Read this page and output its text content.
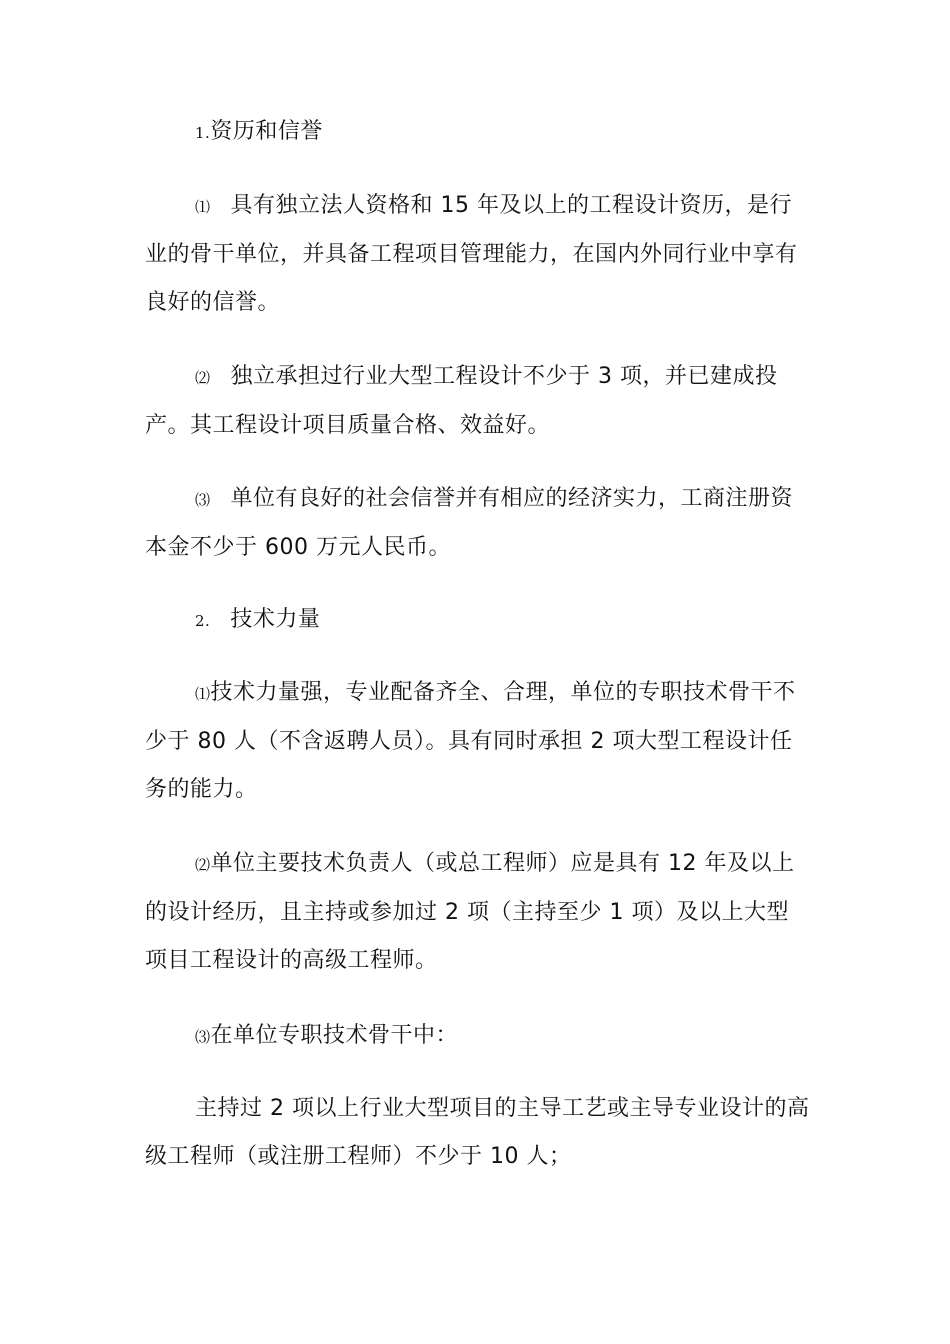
1.资历和信誉

⑴ 具有独立法人资格和 15 年及以上的工程设计资历，是行业的骨干单位，并具备工程项目管理能力，在国内外同行业中享有良好的信誉。

⑵ 独立承担过行业大型工程设计不少于 3 项，并已建成投产。其工程设计项目质量合格、效益好。

⑶ 单位有良好的社会信誉并有相应的经济实力，工商注册资本金不少于 600 万元人民币。

2. 技术力量

⑴技术力量强，专业配备齐全、合理，单位的专职技术骨干不少于 80 人（不含返聘人员）。具有同时承担 2 项大型工程设计任务的能力。

⑵单位主要技术负责人（或总工程师）应是具有 12 年及以上的设计经历，且主持或参加过 2 项（主持至少 1 项）及以上大型项目工程设计的高级工程师。

⑶在单位专职技术骨干中：

主持过 2 项以上行业大型项目的主导工艺或主导专业设计的高级工程师（或注册工程师）不少于 10 人；
